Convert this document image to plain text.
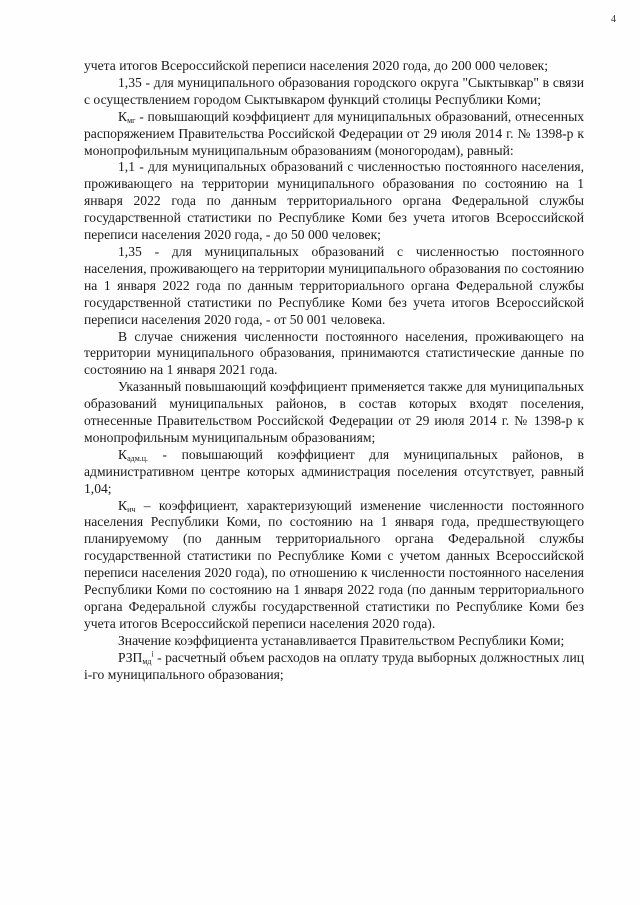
4

учета итогов Всероссийской переписи населения 2020 года, до 200 000 человек;

1,35 - для муниципального образования городского округа "Сыктывкар" в связи с осуществлением городом Сыктывкаром функций столицы Республики Коми;

$К_{мг}$ - повышающий коэффициент для муниципальных образований, отнесенных распоряжением Правительства Российской Федерации от 29 июля 2014 г. № 1398-р к монопрофильным муниципальным образованиям (моногородам), равный:

1,1 - для муниципальных образований с численностью постоянного населения, проживающего на территории муниципального образования по состоянию на 1 января 2022 года по данным территориального органа Федеральной службы государственной статистики по Республике Коми без учета итогов Всероссийской переписи населения 2020 года, - до 50 000 человек;

1,35 - для муниципальных образований с численностью постоянного населения, проживающего на территории муниципального образования по состоянию на 1 января 2022 года по данным территориального органа Федеральной службы государственной статистики по Республике Коми без учета итогов Всероссийской переписи населения 2020 года, - от 50 001 человека.

В случае снижения численности постоянного населения, проживающего на территории муниципального образования, принимаются статистические данные по состоянию на 1 января 2021 года.

Указанный повышающий коэффициент применяется также для муниципальных образований муниципальных районов, в состав которых входят поселения, отнесенные Правительством Российской Федерации от 29 июля 2014 г. № 1398-р к монопрофильным муниципальным образованиям;

$К_{адм.ц.}$ - повышающий коэффициент для муниципальных районов, в административном центре которых администрация поселения отсутствует, равный 1,04;

$К_{ич}$ – коэффициент, характеризующий изменение численности постоянного населения Республики Коми, по состоянию на 1 января года, предшествующего планируемому (по данным территориального органа Федеральной службы государственной статистики по Республике Коми с учетом данных Всероссийской переписи населения 2020 года), по отношению к численности постоянного населения Республики Коми по состоянию на 1 января 2022 года (по данным территориального органа Федеральной службы государственной статистики по Республике Коми без учета итогов Всероссийской переписи населения 2020 года).

Значение коэффициента устанавливается Правительством Республики Коми;

$РЗП_{мд}^i$ - расчетный объем расходов на оплату труда выборных должностных лиц i-го муниципального образования;
